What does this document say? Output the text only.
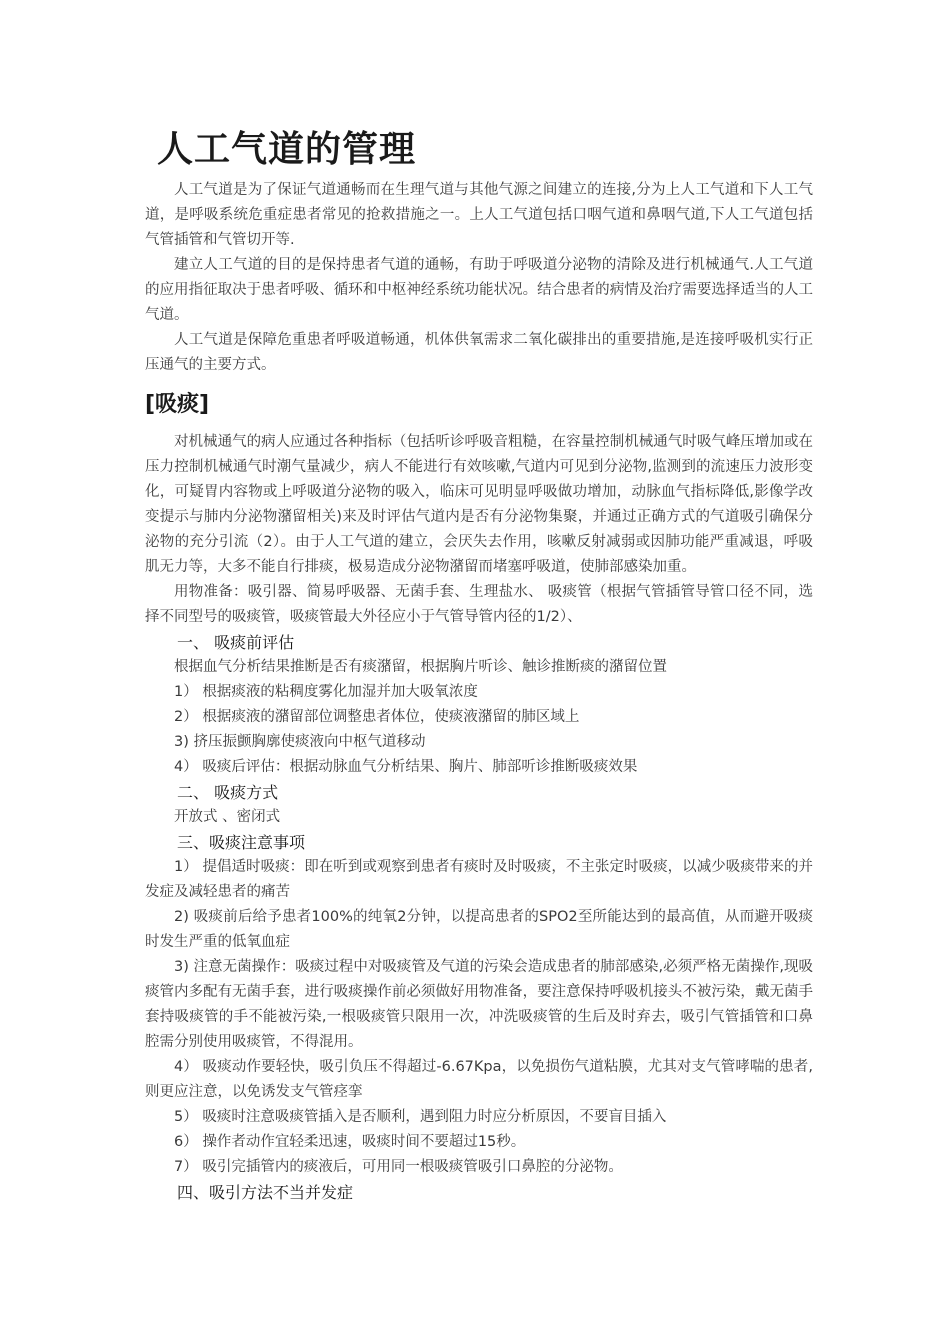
人工气道的管理

人工气道是为了保证气道通畅而在生理气道与其他气源之间建立的连接,分为上人工气道和下人工气道，是呼吸系统危重症患者常见的抢救措施之一。上人工气道包括口咽气道和鼻咽气道,下人工气道包括气管插管和气管切开等.

建立人工气道的目的是保持患者气道的通畅，有助于呼吸道分泌物的清除及进行机械通气.人工气道的应用指征取决于患者呼吸、循环和中枢神经系统功能状况。结合患者的病情及治疗需要选择适当的人工气道。

人工气道是保障危重患者呼吸道畅通，机体供氧需求二氧化碳排出的重要措施,是连接呼吸机实行正压通气的主要方式。

[吸痰]

对机械通气的病人应通过各种指标（包括听诊呼吸音粗糙，在容量控制机械通气时吸气峰压增加或在压力控制机械通气时潮气量减少，病人不能进行有效咳嗽,气道内可见到分泌物,监测到的流速压力波形变化，可疑胃内容物或上呼吸道分泌物的吸入，临床可见明显呼吸做功增加，动脉血气指标降低,影像学改变提示与肺内分泌物潴留相关)来及时评估气道内是否有分泌物集聚，并通过正确方式的气道吸引确保分泌物的充分引流（2）。由于人工气道的建立，会厌失去作用，咳嗽反射减弱或因肺功能严重减退，呼吸肌无力等，大多不能自行排痰，极易造成分泌物潴留而堵塞呼吸道，使肺部感染加重。

用物准备：吸引器、简易呼吸器、无菌手套、生理盐水、 吸痰管（根据气管插管导管口径不同，选择不同型号的吸痰管，吸痰管最大外径应小于气管导管内径的1/2）、

一、 吸痰前评估

根据血气分析结果推断是否有痰潴留，根据胸片听诊、触诊推断痰的潴留位置

1） 根据痰液的粘稠度雾化加湿并加大吸氧浓度

2） 根据痰液的潴留部位调整患者体位，使痰液潴留的肺区域上

3) 挤压振颤胸廓使痰液向中枢气道移动

4） 吸痰后评估：根据动脉血气分析结果、胸片、肺部听诊推断吸痰效果

二、 吸痰方式

开放式 、密闭式

三、吸痰注意事项

1） 提倡适时吸痰：即在听到或观察到患者有痰时及时吸痰，不主张定时吸痰，以减少吸痰带来的并发症及减轻患者的痛苦

2) 吸痰前后给予患者100%的纯氧2分钟，以提高患者的SPO2至所能达到的最高值，从而避开吸痰时发生严重的低氧血症

3) 注意无菌操作：吸痰过程中对吸痰管及气道的污染会造成患者的肺部感染,必须严格无菌操作,现吸痰管内多配有无菌手套，进行吸痰操作前必须做好用物准备，要注意保持呼吸机接头不被污染，戴无菌手套持吸痰管的手不能被污染,一根吸痰管只限用一次，冲洗吸痰管的生后及时弃去，吸引气管插管和口鼻腔需分别使用吸痰管，不得混用。

4） 吸痰动作要轻快，吸引负压不得超过-6.67Kpa，以免损伤气道粘膜，尤其对支气管哮喘的患者,则更应注意，以免诱发支气管痉挛

5） 吸痰时注意吸痰管插入是否顺利，遇到阻力时应分析原因，不要盲目插入

6） 操作者动作宜轻柔迅速，吸痰时间不要超过15秒。

7） 吸引完插管内的痰液后，可用同一根吸痰管吸引口鼻腔的分泌物。

四、吸引方法不当并发症
